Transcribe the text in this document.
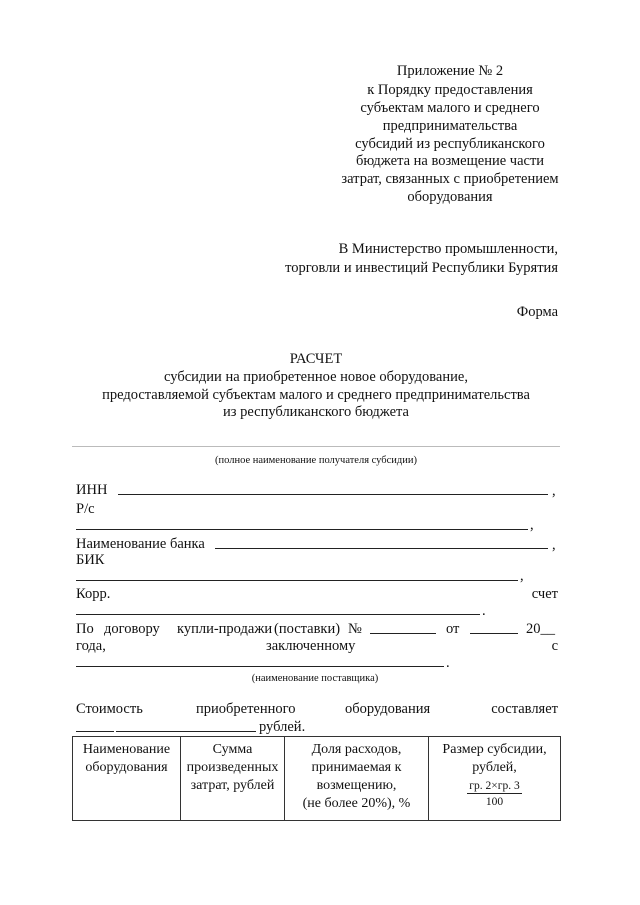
Приложение № 2
к Порядку предоставления
субъектам малого и среднего
предпринимательства
субсидий из республиканского
бюджета на возмещение части
затрат, связанных с приобретением
оборудования
В Министерство промышленности,
торговли и инвестиций Республики Бурятия
Форма
РАСЧЕТ
субсидии на приобретенное новое оборудование,
предоставляемой субъектам малого и среднего предпринимательства
из республиканского бюджета
(полное наименование получателя субсидии)
ИНН	,
Р/с
,
Наименование банка	,
БИК
,
Корр.	счет
.
По договору купли-продажи (поставки) №	от	20__
года,	заключенному	с
.
(наименование поставщика)
Стоимость	приобретенного	оборудования	составляет
рублей.
Наименование
оборудования

Сумма
произведенных
затрат, рублей

Доля расходов,
принимаемая к
возмещению,
(не более 20%), %

Размер субсидии,
рублей,
гр. 2×гр. 3
100
